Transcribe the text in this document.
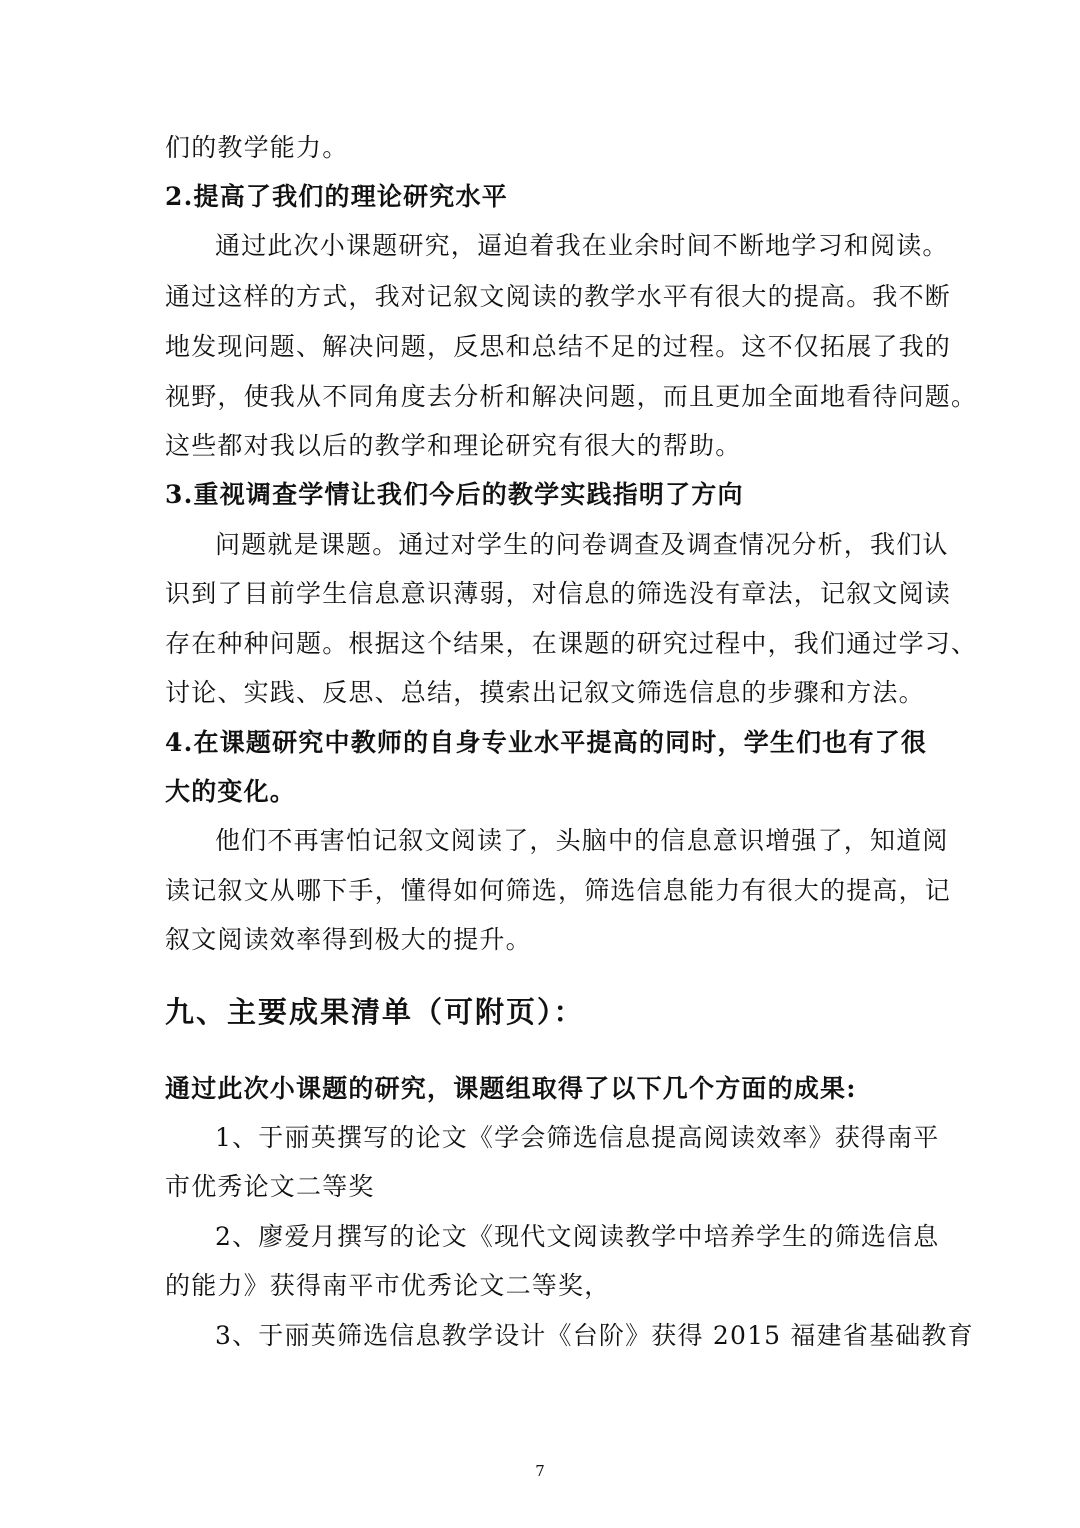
们的教学能力。
2.提高了我们的理论研究水平
通过此次小课题研究，逼迫着我在业余时间不断地学习和阅读。
通过这样的方式，我对记叙文阅读的教学水平有很大的提高。我不断
地发现问题、解决问题，反思和总结不足的过程。这不仅拓展了我的
视野，使我从不同角度去分析和解决问题，而且更加全面地看待问题。
这些都对我以后的教学和理论研究有很大的帮助。
3.重视调查学情让我们今后的教学实践指明了方向
问题就是课题。通过对学生的问卷调查及调查情况分析，我们认
识到了目前学生信息意识薄弱，对信息的筛选没有章法，记叙文阅读
存在种种问题。根据这个结果，在课题的研究过程中，我们通过学习、
讨论、实践、反思、总结，摸索出记叙文筛选信息的步骤和方法。
4.在课题研究中教师的自身专业水平提高的同时，学生们也有了很
大的变化。
他们不再害怕记叙文阅读了，头脑中的信息意识增强了，知道阅
读记叙文从哪下手，懂得如何筛选，筛选信息能力有很大的提高，记
叙文阅读效率得到极大的提升。
九、主要成果清单（可附页）：
通过此次小课题的研究，课题组取得了以下几个方面的成果:
1、于丽英撰写的论文《学会筛选信息提高阅读效率》获得南平
市优秀论文二等奖
2、廖爱月撰写的论文《现代文阅读教学中培养学生的筛选信息
的能力》获得南平市优秀论文二等奖，
3、于丽英筛选信息教学设计《台阶》获得 2015 福建省基础教育
7
